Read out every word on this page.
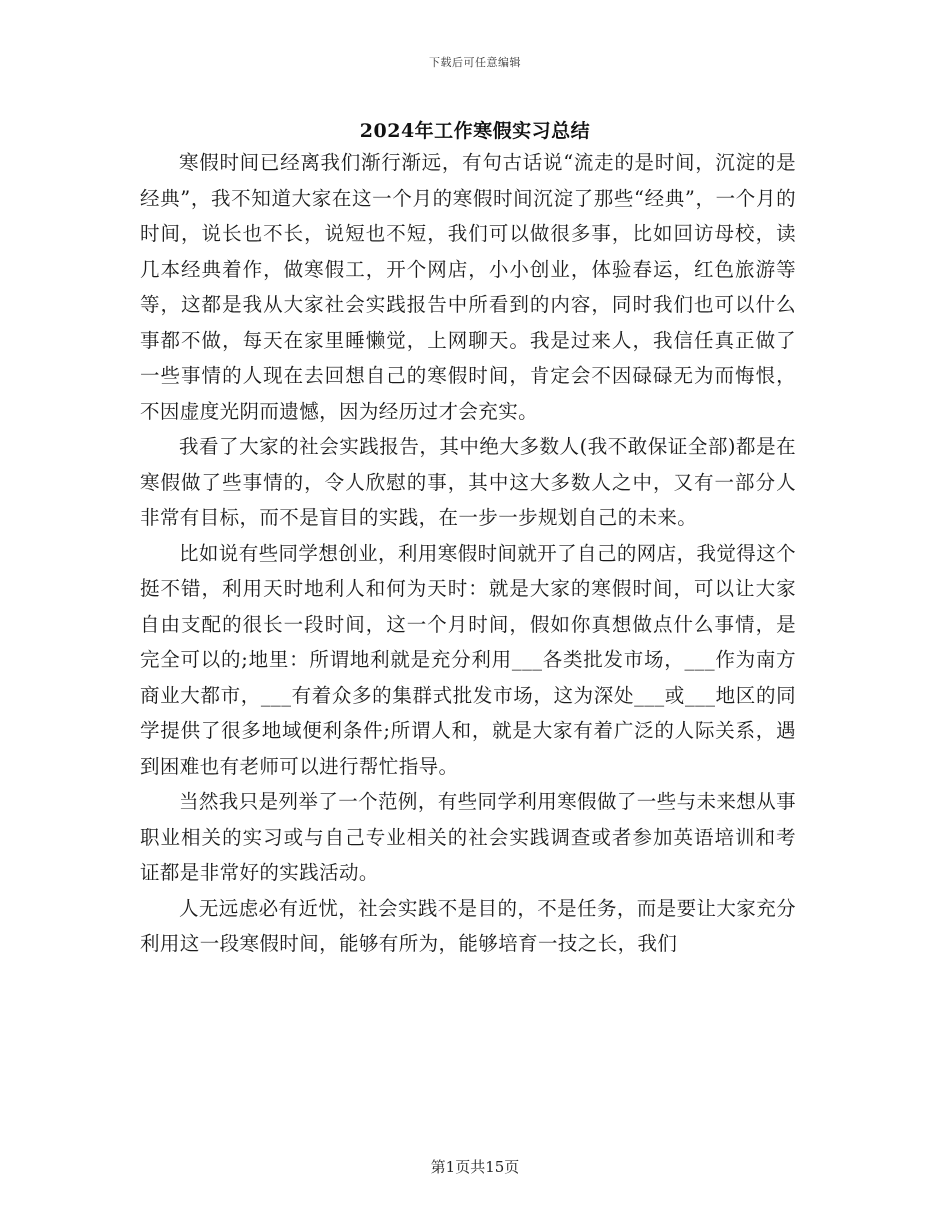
下载后可任意编辑
2024年工作寒假实习总结

寒假时间已经离我们渐行渐远，有句古话说“流走的是时间，沉淀的是经典”，我不知道大家在这一个月的寒假时间沉淀了那些“经典”，一个月的时间，说长也不长，说短也不短，我们可以做很多事，比如回访母校，读几本经典着作，做寒假工，开个网店，小小创业，体验春运，红色旅游等等，这都是我从大家社会实践报告中所看到的内容，同时我们也可以什么事都不做，每天在家里睡懒觉，上网聊天。我是过来人，我信任真正做了一些事情的人现在去回想自己的寒假时间，肯定会不因碌碌无为而悔恨，不因虚度光阴而遗憾，因为经历过才会充实。

我看了大家的社会实践报告，其中绝大多数人(我不敢保证全部)都是在寒假做了些事情的，令人欣慰的事，其中这大多数人之中，又有一部分人非常有目标，而不是盲目的实践，在一步一步规划自己的未来。

比如说有些同学想创业，利用寒假时间就开了自己的网店，我觉得这个挺不错，利用天时地利人和何为天时：就是大家的寒假时间，可以让大家自由支配的很长一段时间，这一个月时间，假如你真想做点什么事情，是完全可以的;地里：所谓地利就是充分利用___各类批发市场，___作为南方商业大都市，___有着众多的集群式批发市场，这为深处___或___地区的同学提供了很多地域便利条件;所谓人和，就是大家有着广泛的人际关系，遇到困难也有老师可以进行帮忙指导。

当然我只是列举了一个范例，有些同学利用寒假做了一些与未来想从事职业相关的实习或与自己专业相关的社会实践调查或者参加英语培训和考证都是非常好的实践活动。

人无远虑必有近忧，社会实践不是目的，不是任务，而是要让大家充分利用这一段寒假时间，能够有所为，能够培育一技之长，我们

第1页共15页
